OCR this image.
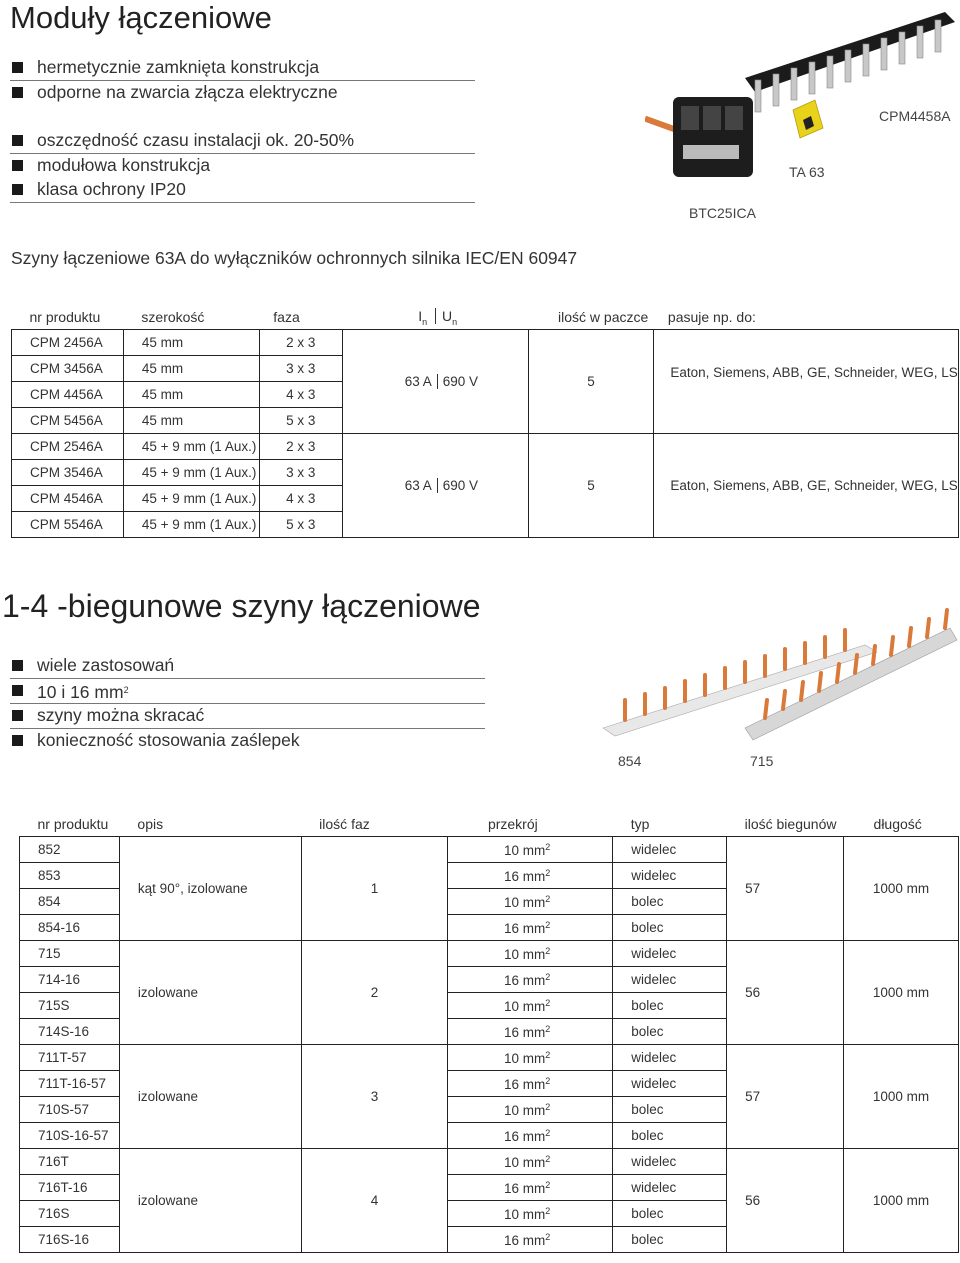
Moduły łączeniowe
hermetycznie zamknięta konstrukcja
odporne na zwarcia złącza elektryczne
oszczędność czasu instalacji ok. 20-50%
modułowa konstrukcja
klasa ochrony IP20
CPM4458A
TA 63
BTC25ICA
Szyny łączeniowe 63A do wyłączników ochronnych silnika IEC/EN 60947
nr produktu	szerokość	faza	$I_n$ $U_n$	ilość w paczce	pasuje np. do:
CPM 2456A	45 mm	2 x 3	63 A 690 V	5	Eaton, Siemens, ABB, GE, Schneider, WEG, LS
CPM 3456A	45 mm	3 x 3			
CPM 4456A	45 mm	4 x 3			
CPM 5456A	45 mm	5 x 3			
CPM 2546A	45 + 9 mm (1 Aux.)	2 x 3	63 A 690 V	5	Eaton, Siemens, ABB, GE, Schneider, WEG, LS
CPM 3546A	45 + 9 mm (1 Aux.)	3 x 3			
CPM 4546A	45 + 9 mm (1 Aux.)	4 x 3			
CPM 5546A	45 + 9 mm (1 Aux.)	5 x 3			
1-4 -biegunowe szyny łączeniowe
wiele zastosowań
10 i 16 $mm^2$
szyny można skracać
konieczność stosowania zaślepek
854	715
nr produktu	opis	ilość faz	przekrój	typ	ilość biegunów	długość
852	kąt 90°, izolowane	1	10 $mm^2$	widelec	57	1000 mm
853			16 $mm^2$	widelec		
854			10 $mm^2$	bolec		
854-16			16 $mm^2$	bolec		
715	izolowane	2	10 $mm^2$	widelec	56	1000 mm
714-16			16 $mm^2$	widelec		
715S			10 $mm^2$	bolec		
714S-16			16 $mm^2$	bolec		
711T-57	izolowane	3	10 $mm^2$	widelec	57	1000 mm
711T-16-57			16 $mm^2$	widelec		
710S-57			10 $mm^2$	bolec		
710S-16-57			16 $mm^2$	bolec		
716T	izolowane	4	10 $mm^2$	widelec	56	1000 mm
716T-16			16 $mm^2$	widelec		
716S			10 $mm^2$	bolec		
716S-16			16 $mm^2$	bolec		
